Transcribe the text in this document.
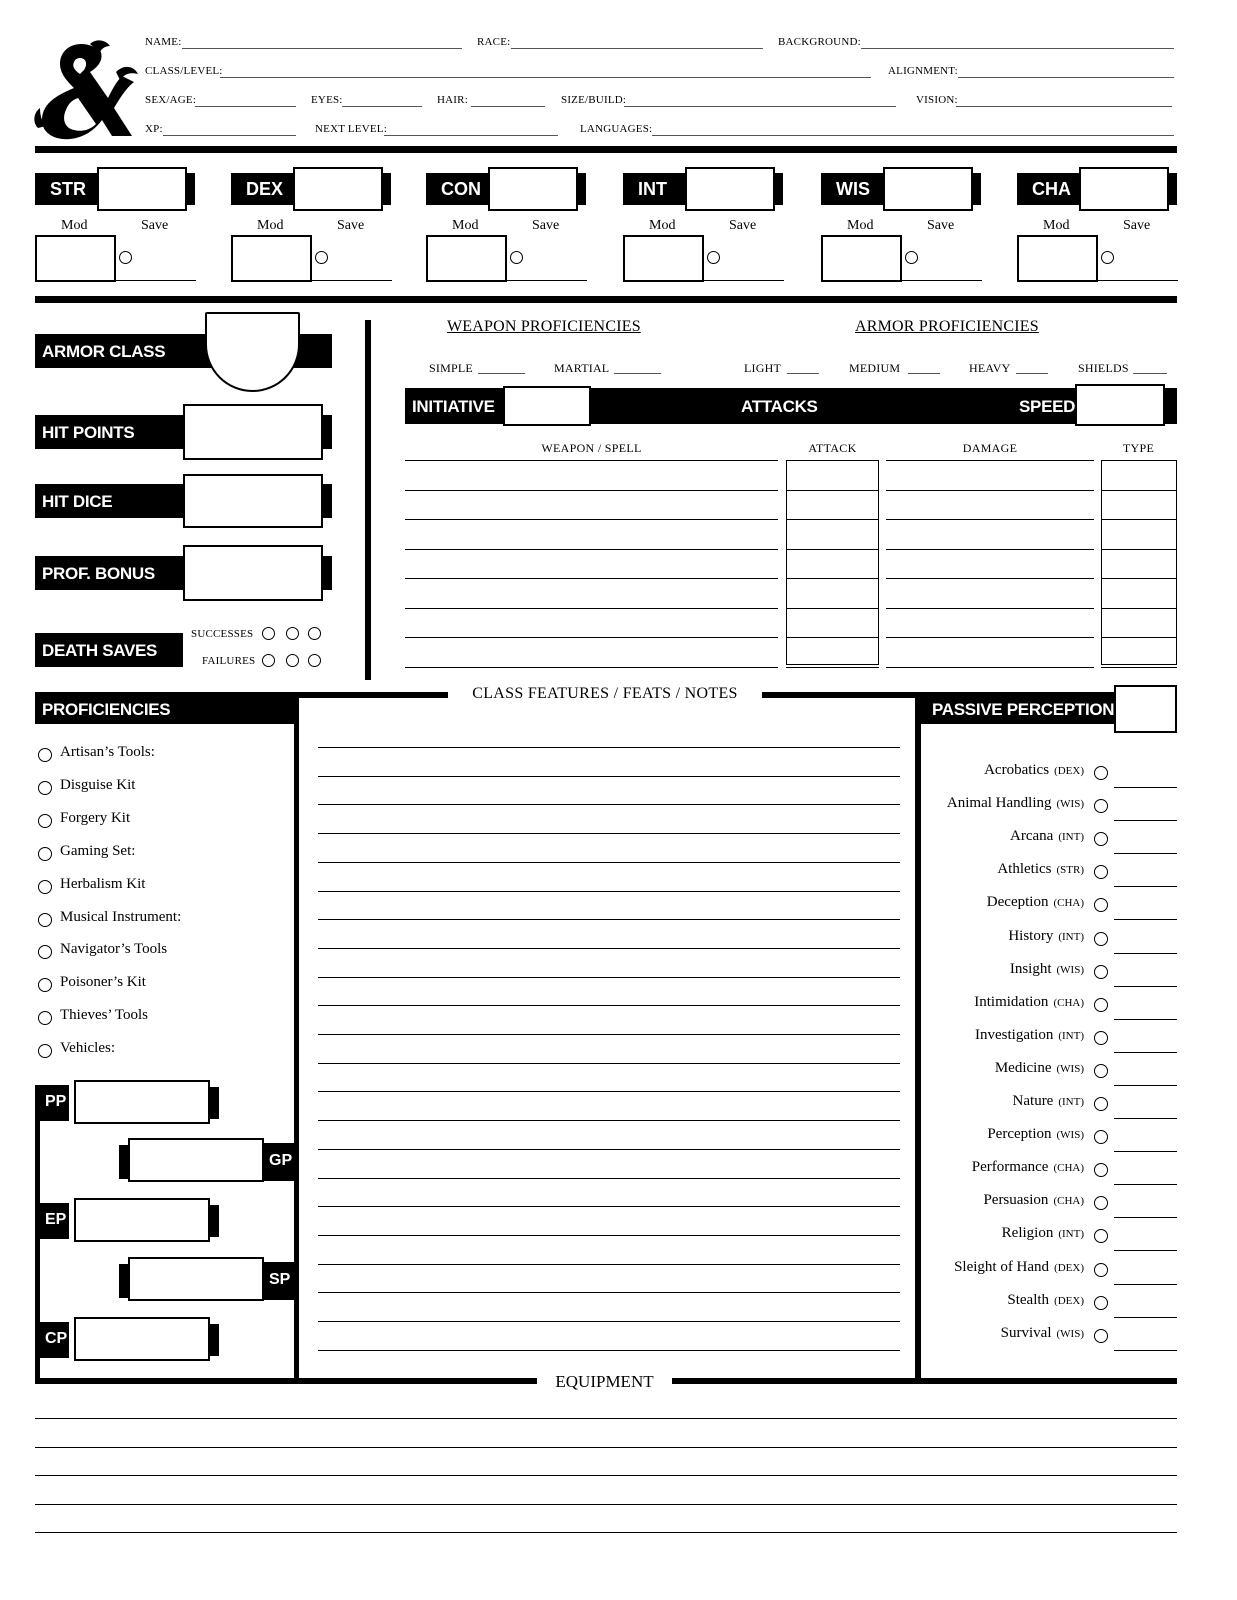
NAME:	RACE:	BACKGROUND:
CLASS/LEVEL:	ALIGNMENT:
SEX/AGE:	EYES:	HAIR:	SIZE/BUILD:	VISION:
XP:	NEXT LEVEL:	LANGUAGES:
STR
Mod	Save
DEX
Mod	Save
CON
Mod	Save
INT
Mod	Save
WIS
Mod	Save
CHA
Mod	Save
ARMOR CLASS
HIT POINTS
HIT DICE
PROF. BONUS
DEATH SAVES
SUCCESSES
FAILURES
WEAPON PROFICIENCIES	ARMOR PROFICIENCIES
SIMPLE	MARTIAL	LIGHT	MEDIUM	HEAVY	SHIELDS
INITIATIVE	ATTACKS	SPEED
WEAPON / SPELL	ATTACK	DAMAGE	TYPE
PROFICIENCIES
Artisan’s Tools:
Disguise Kit
Forgery Kit
Gaming Set:
Herbalism Kit
Musical Instrument:
Navigator’s Tools
Poisoner’s Kit
Thieves’ Tools
Vehicles:
PP
GP
EP
SP
CP
CLASS FEATURES / FEATS / NOTES
PASSIVE PERCEPTION
Acrobatics (DEX)
Animal Handling (WIS)
Arcana (INT)
Athletics (STR)
Deception (CHA)
History (INT)
Insight (WIS)
Intimidation (CHA)
Investigation (INT)
Medicine (WIS)
Nature (INT)
Perception (WIS)
Performance (CHA)
Persuasion (CHA)
Religion (INT)
Sleight of Hand (DEX)
Stealth (DEX)
Survival (WIS)
EQUIPMENT
